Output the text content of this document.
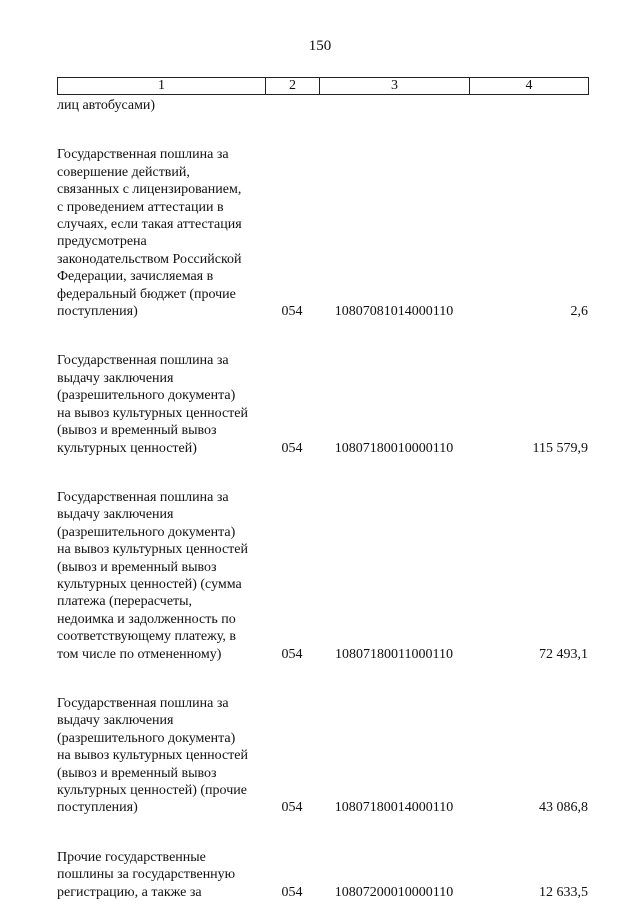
150
1	2	3	4
лиц автобусами)
Государственная пошлина за
совершение действий,
связанных с лицензированием,
с проведением аттестации в
случаях, если такая аттестация
предусмотрена
законодательством Российской
Федерации, зачисляемая в
федеральный бюджет (прочие
поступления)	054	10807081014000110	2,6
Государственная пошлина за
выдачу заключения
(разрешительного документа)
на вывоз культурных ценностей
(вывоз и временный вывоз
культурных ценностей)	054	10807180010000110	115 579,9
Государственная пошлина за
выдачу заключения
(разрешительного документа)
на вывоз культурных ценностей
(вывоз и временный вывоз
культурных ценностей) (сумма
платежа (перерасчеты,
недоимка и задолженность по
соответствующему платежу, в
том числе по отмененному)	054	10807180011000110	72 493,1
Государственная пошлина за
выдачу заключения
(разрешительного документа)
на вывоз культурных ценностей
(вывоз и временный вывоз
культурных ценностей) (прочие
поступления)	054	10807180014000110	43 086,8
Прочие государственные
пошлины за государственную
регистрацию, а также за	054	10807200010000110	12 633,5
